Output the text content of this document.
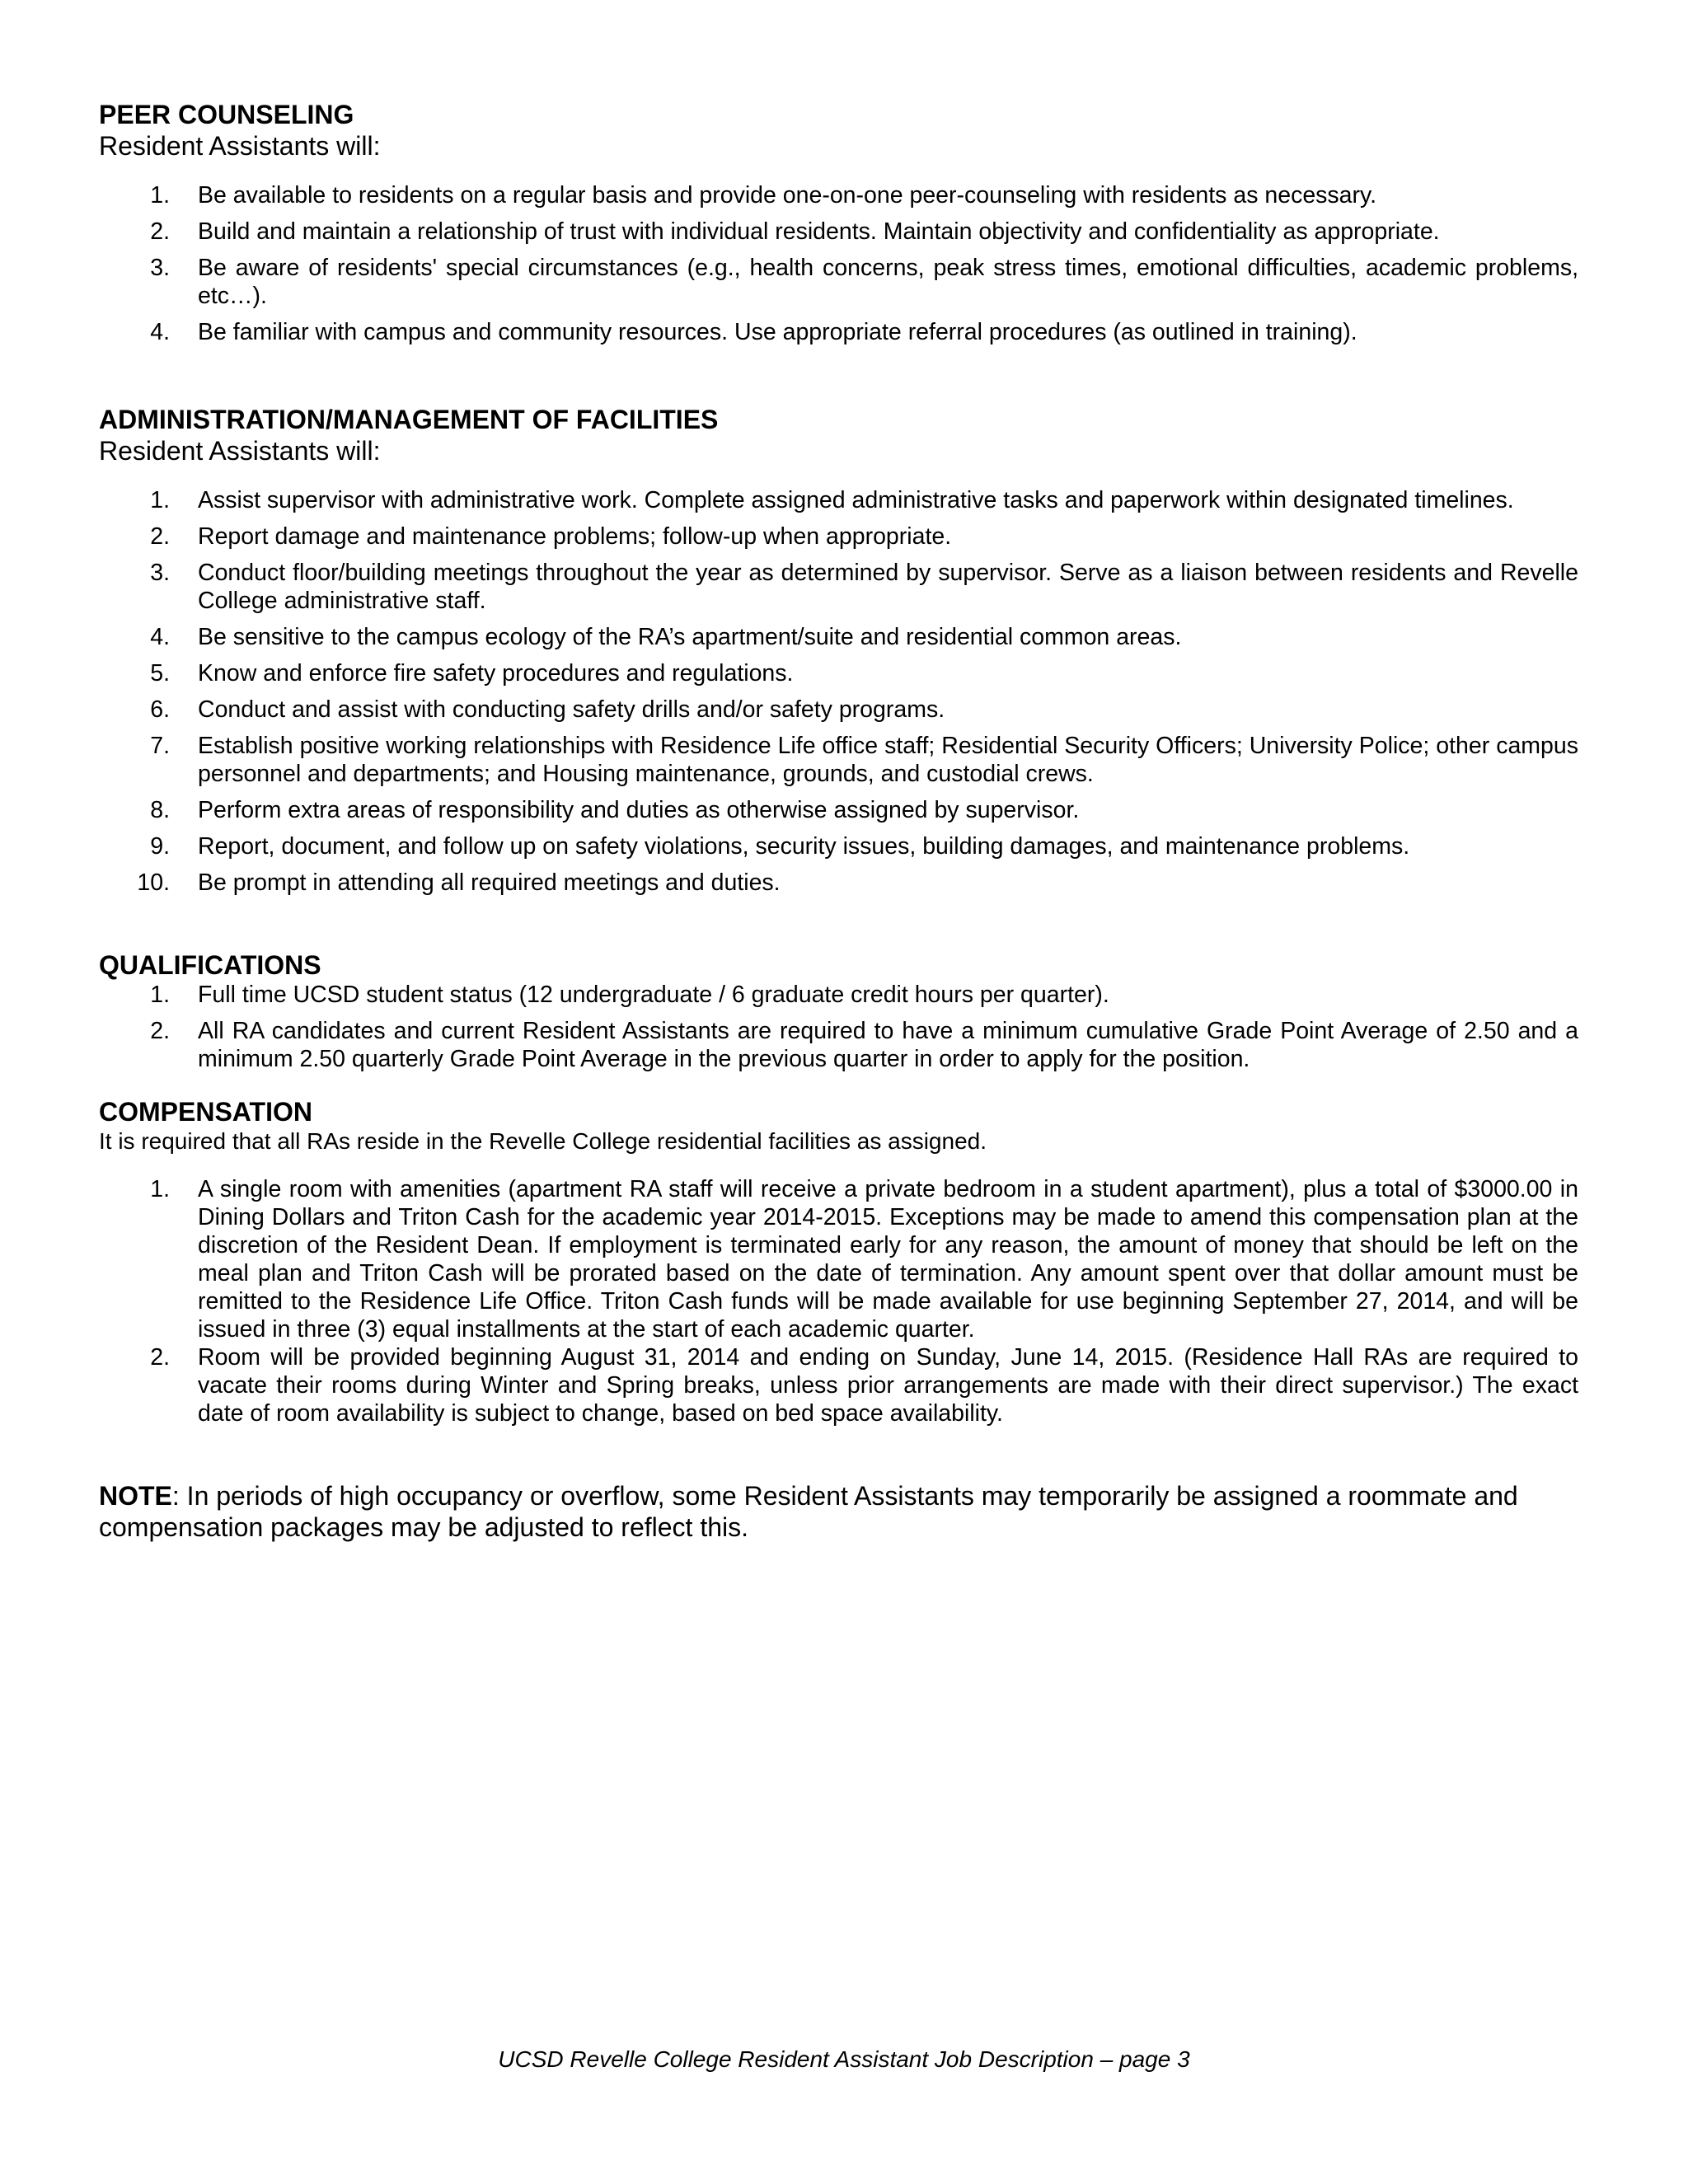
PEER COUNSELING

Resident Assistants will:

1. Be available to residents on a regular basis and provide one-on-one peer-counseling with residents as necessary.
2. Build and maintain a relationship of trust with individual residents. Maintain objectivity and confidentiality as appropriate.
3. Be aware of residents' special circumstances (e.g., health concerns, peak stress times, emotional difficulties, academic problems, etc…).
4. Be familiar with campus and community resources. Use appropriate referral procedures (as outlined in training).
ADMINISTRATION/MANAGEMENT OF FACILITIES

Resident Assistants will:

1. Assist supervisor with administrative work. Complete assigned administrative tasks and paperwork within designated timelines.
2. Report damage and maintenance problems; follow-up when appropriate.
3. Conduct floor/building meetings throughout the year as determined by supervisor. Serve as a liaison between residents and Revelle College administrative staff.
4. Be sensitive to the campus ecology of the RA’s apartment/suite and residential common areas.
5. Know and enforce fire safety procedures and regulations.
6. Conduct and assist with conducting safety drills and/or safety programs.
7. Establish positive working relationships with Residence Life office staff; Residential Security Officers; University Police; other campus personnel and departments; and Housing maintenance, grounds, and custodial crews.
8. Perform extra areas of responsibility and duties as otherwise assigned by supervisor.
9. Report, document, and follow up on safety violations, security issues, building damages, and maintenance problems.
10. Be prompt in attending all required meetings and duties.
QUALIFICATIONS
1. Full time UCSD student status (12 undergraduate / 6 graduate credit hours per quarter).
2. All RA candidates and current Resident Assistants are required to have a minimum cumulative Grade Point Average of 2.50 and a minimum 2.50 quarterly Grade Point Average in the previous quarter in order to apply for the position.
COMPENSATION

It is required that all RAs reside in the Revelle College residential facilities as assigned.

1. A single room with amenities (apartment RA staff will receive a private bedroom in a student apartment), plus a total of $3000.00 in Dining Dollars and Triton Cash for the academic year 2014-2015. Exceptions may be made to amend this compensation plan at the discretion of the Resident Dean. If employment is terminated early for any reason, the amount of money that should be left on the meal plan and Triton Cash will be prorated based on the date of termination. Any amount spent over that dollar amount must be remitted to the Residence Life Office. Triton Cash funds will be made available for use beginning September 27, 2014, and will be issued in three (3) equal installments at the start of each academic quarter.
2. Room will be provided beginning August 31, 2014 and ending on Sunday, June 14, 2015. (Residence Hall RAs are required to vacate their rooms during Winter and Spring breaks, unless prior arrangements are made with their direct supervisor.) The exact date of room availability is subject to change, based on bed space availability.

NOTE: In periods of high occupancy or overflow, some Resident Assistants may temporarily be assigned a roommate and compensation packages may be adjusted to reflect this.

UCSD Revelle College Resident Assistant Job Description – page 3
